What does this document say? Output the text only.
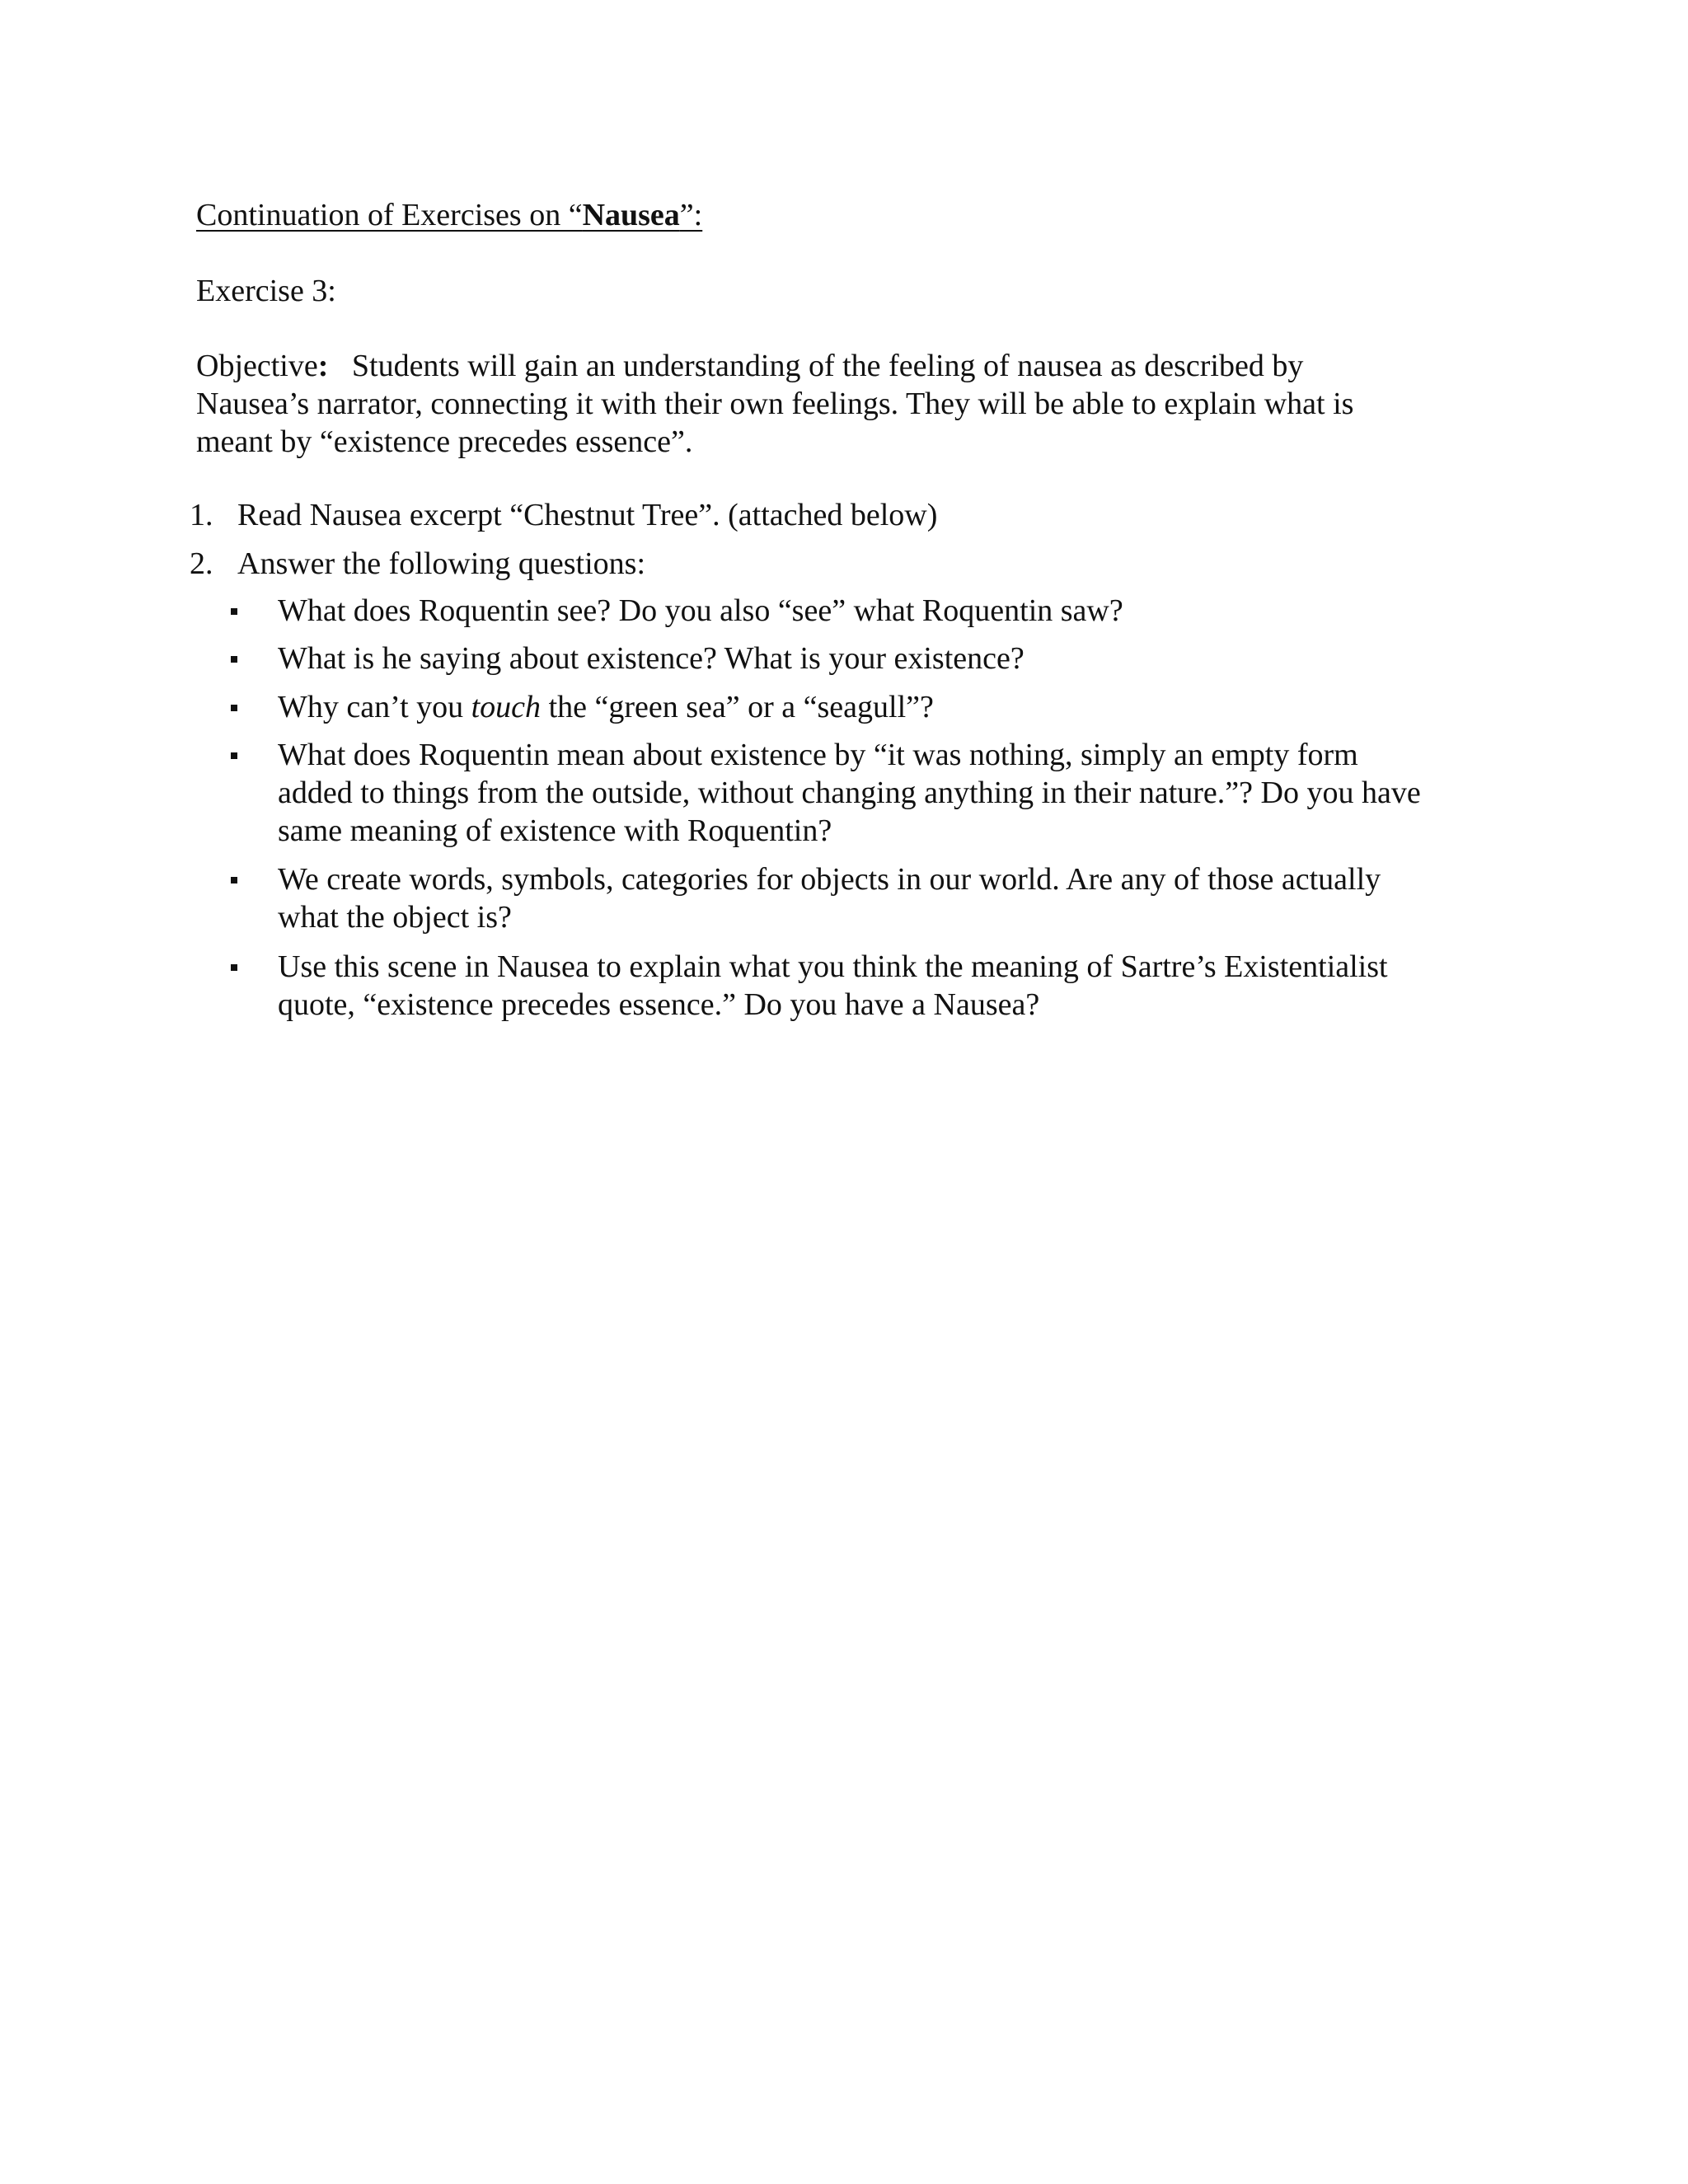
Continuation of Exercises on “Nausea”:
Exercise 3:
Objective: Students will gain an understanding of the feeling of nausea as described by
Nausea’s narrator, connecting it with their own feelings. They will be able to explain what is
meant by “existence precedes essence”.
1. Read Nausea excerpt “Chestnut Tree”. (attached below)
2. Answer the following questions:
What does Roquentin see? Do you also “see” what Roquentin saw?
What is he saying about existence? What is your existence?
Why can’t you touch the “green sea” or a “seagull”?
What does Roquentin mean about existence by “it was nothing, simply an empty form
added to things from the outside, without changing anything in their nature.”? Do you have
same meaning of existence with Roquentin?
We create words, symbols, categories for objects in our world. Are any of those actually
what the object is?
Use this scene in Nausea to explain what you think the meaning of Sartre’s Existentialist
quote, “existence precedes essence.” Do you have a Nausea?
